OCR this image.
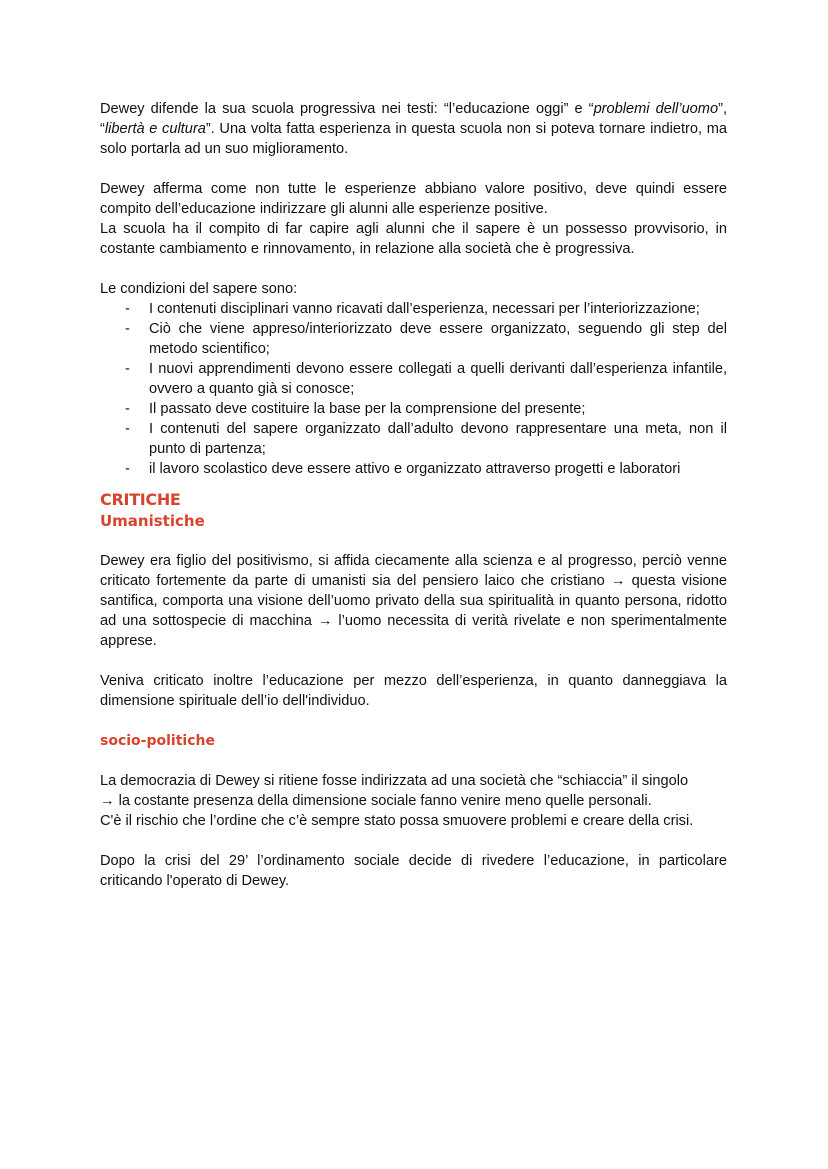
Dewey difende la sua scuola progressiva nei testi: “l’educazione oggi” e “problemi dell’uomo”, “libertà e cultura”. Una volta fatta esperienza in questa scuola non si poteva tornare indietro, ma solo portarla ad un suo miglioramento.

Dewey afferma come non tutte le esperienze abbiano valore positivo, deve quindi essere compito dell’educazione indirizzare gli alunni alle esperienze positive.

La scuola ha il compito di far capire agli alunni che il sapere è un possesso provvisorio, in costante cambiamento e rinnovamento, in relazione alla società che è progressiva.

Le condizioni del sapere sono:

- I contenuti disciplinari vanno ricavati dall’esperienza, necessari per l’interiorizzazione;
- Ciò che viene appreso/interiorizzato deve essere organizzato, seguendo gli step del metodo scientifico;
- I nuovi apprendimenti devono essere collegati a quelli derivanti dall’esperienza infantile, ovvero a quanto già si conosce;
- Il passato deve costituire la base per la comprensione del presente;
- I contenuti del sapere organizzato dall’adulto devono rappresentare una meta, non il punto di partenza;
- il lavoro scolastico deve essere attivo e organizzato attraverso progetti e laboratori
CRITICHE
Umanistiche

Dewey era figlio del positivismo, si affida ciecamente alla scienza e al progresso, perciò venne criticato fortemente da parte di umanisti sia del pensiero laico che cristiano → questa visione santifica, comporta una visione dell’uomo privato della sua spiritualità in quanto persona, ridotto ad una sottospecie di macchina → l’uomo necessita di verità rivelate e non sperimentalmente apprese.

Veniva criticato inoltre l’educazione per mezzo dell’esperienza, in quanto danneggiava la dimensione spirituale dell’io dell'individuo.

socio-politiche

La democrazia di Dewey si ritiene fosse indirizzata ad una società che “schiaccia” il singolo
→ la costante presenza della dimensione sociale fanno venire meno quelle personali.

C'è il rischio che l’ordine che c’è sempre stato possa smuovere problemi e creare della crisi.

Dopo la crisi del 29’ l’ordinamento sociale decide di rivedere l’educazione, in particolare criticando l'operato di Dewey.
